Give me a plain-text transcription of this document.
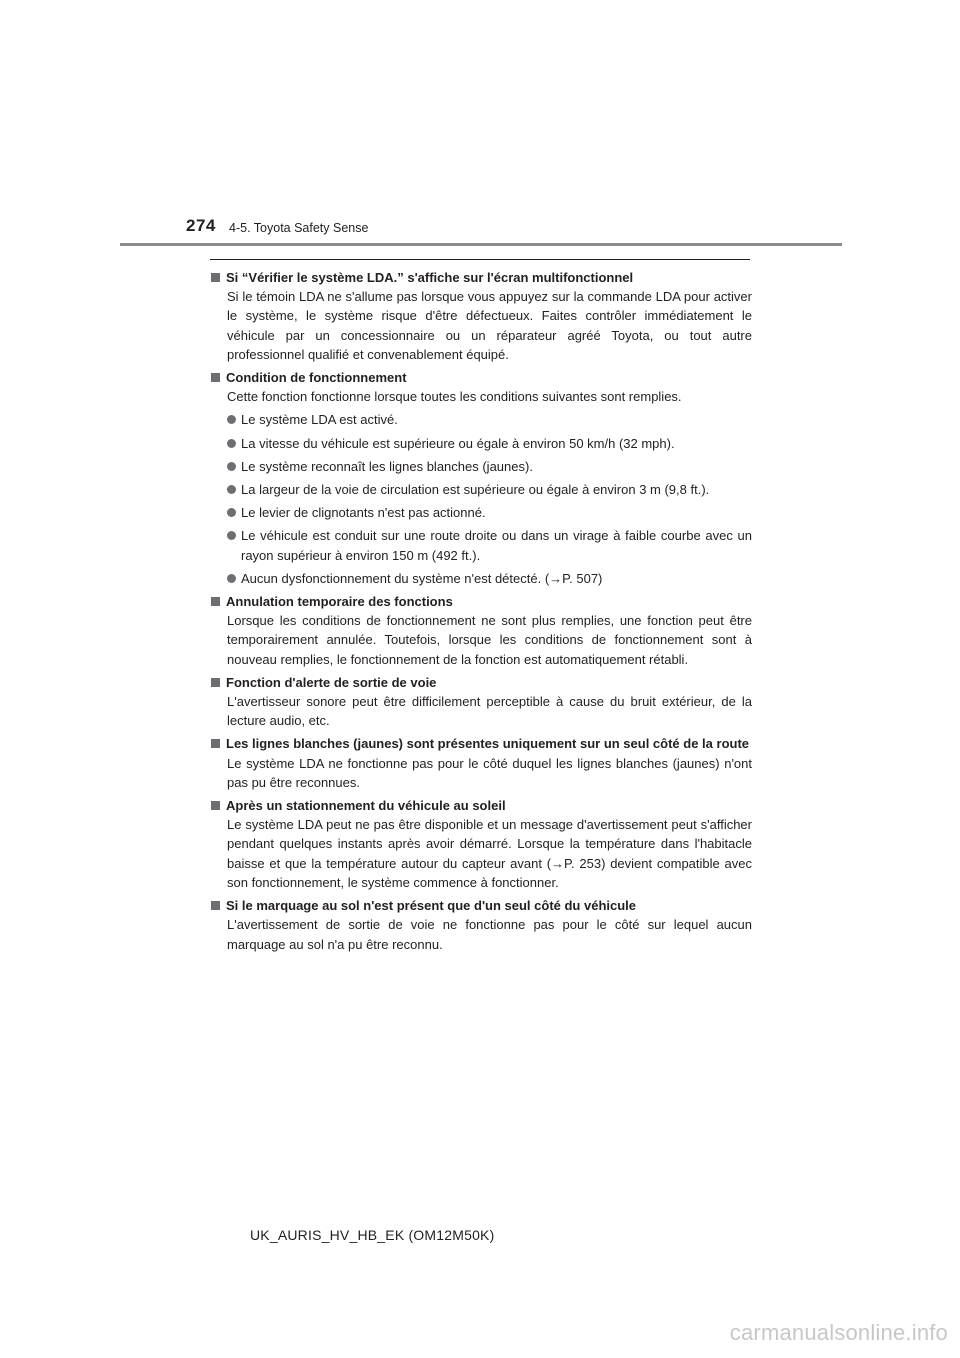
274 4-5. Toyota Safety Sense
Si “Vérifier le système LDA.” s'affiche sur l'écran multifonctionnel
Si le témoin LDA ne s'allume pas lorsque vous appuyez sur la commande LDA pour activer le système, le système risque d'être défectueux. Faites contrôler immédiatement le véhicule par un concessionnaire ou un réparateur agréé Toyota, ou tout autre professionnel qualifié et convenablement équipé.
Condition de fonctionnement
Cette fonction fonctionne lorsque toutes les conditions suivantes sont remplies.
Le système LDA est activé.
La vitesse du véhicule est supérieure ou égale à environ 50 km/h (32 mph).
Le système reconnaît les lignes blanches (jaunes).
La largeur de la voie de circulation est supérieure ou égale à environ 3 m (9,8 ft.).
Le levier de clignotants n'est pas actionné.
Le véhicule est conduit sur une route droite ou dans un virage à faible courbe avec un rayon supérieur à environ 150 m (492 ft.).
Aucun dysfonctionnement du système n'est détecté. (→P. 507)
Annulation temporaire des fonctions
Lorsque les conditions de fonctionnement ne sont plus remplies, une fonction peut être temporairement annulée. Toutefois, lorsque les conditions de fonctionnement sont à nouveau remplies, le fonctionnement de la fonction est automatiquement rétabli.
Fonction d'alerte de sortie de voie
L'avertisseur sonore peut être difficilement perceptible à cause du bruit extérieur, de la lecture audio, etc.
Les lignes blanches (jaunes) sont présentes uniquement sur un seul côté de la route
Le système LDA ne fonctionne pas pour le côté duquel les lignes blanches (jaunes) n'ont pas pu être reconnues.
Après un stationnement du véhicule au soleil
Le système LDA peut ne pas être disponible et un message d'avertissement peut s'afficher pendant quelques instants après avoir démarré. Lorsque la température dans l'habitacle baisse et que la température autour du capteur avant (→P. 253) devient compatible avec son fonctionnement, le système commence à fonctionner.
Si le marquage au sol n'est présent que d'un seul côté du véhicule
L'avertissement de sortie de voie ne fonctionne pas pour le côté sur lequel aucun marquage au sol n'a pu être reconnu.
UK_AURIS_HV_HB_EK (OM12M50K)
carmanualsonline.info
